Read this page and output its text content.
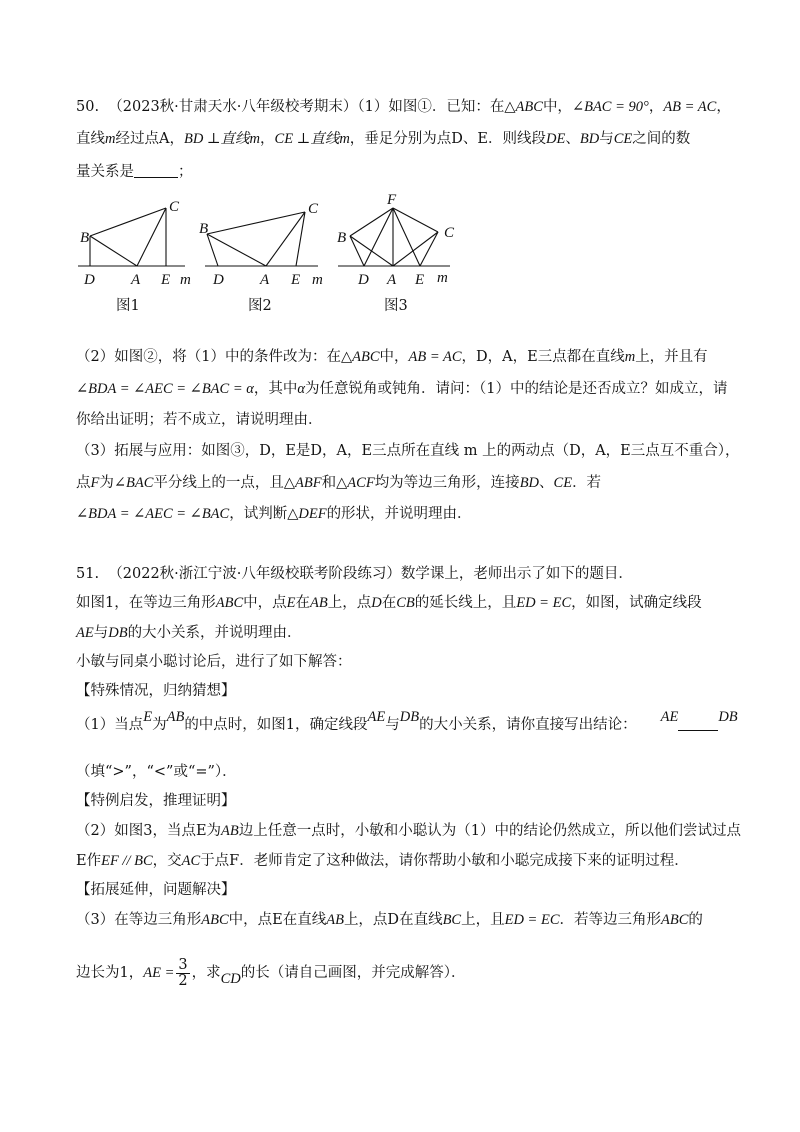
50. （2023秋·甘肃天水·八年级校考期末）（1）如图①．已知：在△ABC中，∠BAC = 90°，AB = AC，
直线m经过点A，BD ⊥直线m，CE ⊥直线m，垂足分别为点D、E．则线段DE、BD与CE之间的数
量关系是	；
B
C
D A E m
图1
B
C
D A E m
图2
F
B	C
D A E m
图3
（2）如图②，将（1）中的条件改为：在△ABC中，AB = AC，D，A，E三点都在直线m上，并且有
∠BDA = ∠AEC = ∠BAC = α，其中α为任意锐角或钝角．请问：（1）中的结论是还否成立？如成立，请
你给出证明；若不成立，请说明理由．
（3）拓展与应用：如图③，D，E是D，A，E三点所在直线 m 上的两动点（D，A，E三点互不重合），
点F为∠BAC平分线上的一点，且△ABF和△ACF均为等边三角形，连接BD、CE．若
∠BDA = ∠AEC = ∠BAC，试判断△DEF的形状，并说明理由．
51. （2022秋·浙江宁波·八年级校联考阶段练习）数学课上，老师出示了如下的题目．
如图1，在等边三角形ABC中，点E在AB上，点D在CB的延长线上，且ED = EC，如图，试确定线段
AE与DB的大小关系，并说明理由．
小敏与同桌小聪讨论后，进行了如下解答：
【特殊情况，归纳猜想】
（1）当点E为AB的中点时，如图1，确定线段AE与DB的大小关系，请你直接写出结论： AE	DB
（填“>”，“<”或“=”）．
【特例启发，推理证明】
（2）如图3，当点E为AB边上任意一点时，小敏和小聪认为（1）中的结论仍然成立，所以他们尝试过点
E作EF // BC，交AC于点F．老师肯定了这种做法，请你帮助小敏和小聪完成接下来的证明过程．
【拓展延伸，问题解决】
（3）在等边三角形ABC中，点E在直线AB上，点D在直线BC上，且ED = EC．若等边三角形ABC的
边长为1，AE = $\frac{3}{2}$ ，求CD的长（请自己画图，并完成解答）．
